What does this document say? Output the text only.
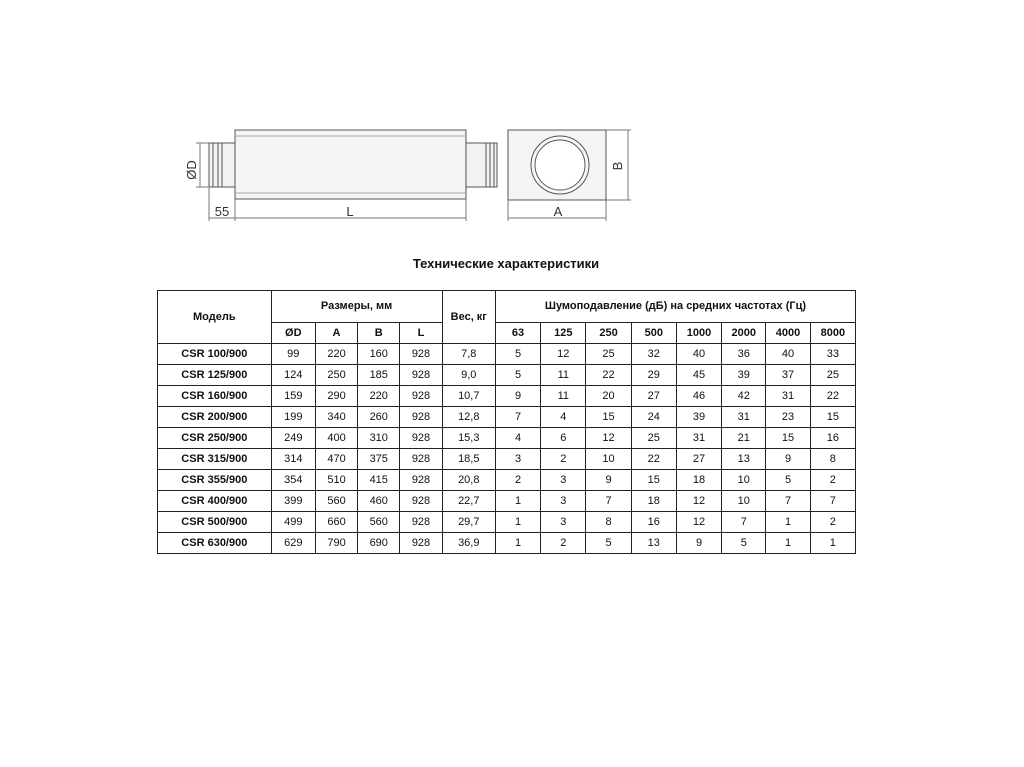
ØD
55	L	A
B
Технические характеристики
Модель	Размеры, мм				Вес, кг	Шумоподавление (дБ) на средних частотах (Гц)							
	ØD	A	B	L		63	125	250	500	1000	2000	4000	8000
CSR 100/900	99	220	160	928	7,8	5	12	25	32	40	36	40	33
CSR 125/900	124	250	185	928	9,0	5	11	22	29	45	39	37	25
CSR 160/900	159	290	220	928	10,7	9	11	20	27	46	42	31	22
CSR 200/900	199	340	260	928	12,8	7	4	15	24	39	31	23	15
CSR 250/900	249	400	310	928	15,3	4	6	12	25	31	21	15	16
CSR 315/900	314	470	375	928	18,5	3	2	10	22	27	13	9	8
CSR 355/900	354	510	415	928	20,8	2	3	9	15	18	10	5	2
CSR 400/900	399	560	460	928	22,7	1	3	7	18	12	10	7	7
CSR 500/900	499	660	560	928	29,7	1	3	8	16	12	7	1	2
CSR 630/900	629	790	690	928	36,9	1	2	5	13	9	5	1	1
